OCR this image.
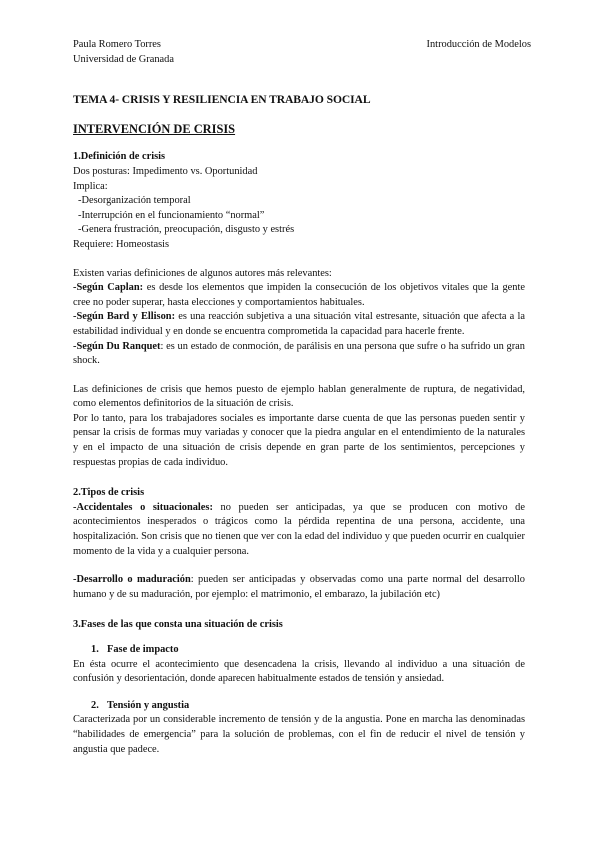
Paula Romero Torres
Universidad de Granada
Introducción de Modelos
TEMA 4- CRISIS Y RESILIENCIA EN TRABAJO SOCIAL
INTERVENCIÓN DE CRISIS
1.Definición de crisis

Dos posturas: Impedimento vs. Oportunidad

Implica:

-Desorganización temporal

-Interrupción en el funcionamiento “normal”

-Genera frustración, preocupación, disgusto y estrés

Requiere: Homeostasis

Existen varias definiciones de algunos autores más relevantes:

-Según Caplan: es desde los elementos que impiden la consecución de los objetivos vitales que la gente cree no poder superar, hasta elecciones y comportamientos habituales.

-Según Bard y Ellison: es una reacción subjetiva a una situación vital estresante, situación que afecta a la estabilidad individual y en donde se encuentra comprometida la capacidad para hacerle frente.

-Según Du Ranquet: es un estado de conmoción, de parálisis en una persona que sufre o ha sufrido un gran shock.

Las definiciones de crisis que hemos puesto de ejemplo hablan generalmente de ruptura, de negatividad, como elementos definitorios de la situación de crisis.

Por lo tanto, para los trabajadores sociales es importante darse cuenta de que las personas pueden sentir y pensar la crisis de formas muy variadas y conocer que la piedra angular en el entendimiento de la naturales y en el impacto de una situación de crisis depende en gran parte de los sentimientos, percepciones y respuestas propias de cada individuo.

2.Tipos de crisis

-Accidentales o situacionales: no pueden ser anticipadas, ya que se producen con motivo de acontecimientos inesperados o trágicos como la pérdida repentina de una persona, accidente, una hospitalización. Son crisis que no tienen que ver con la edad del individuo y que pueden ocurrir en cualquier momento de la vida y a cualquier persona.

-Desarrollo o maduración: pueden ser anticipadas y observadas como una parte normal del desarrollo humano y de su maduración, por ejemplo: el matrimonio, el embarazo, la jubilación etc)

3.Fases de las que consta una situación de crisis
1. Fase de impacto

En ésta ocurre el acontecimiento que desencadena la crisis, llevando al individuo a una situación de confusión y desorientación, donde aparecen habitualmente estados de tensión y ansiedad.

2. Tensión y angustia

Caracterizada por un considerable incremento de tensión y de la angustia. Pone en marcha las denominadas “habilidades de emergencia” para la solución de problemas, con el fin de reducir el nivel de tensión y angustia que padece.
